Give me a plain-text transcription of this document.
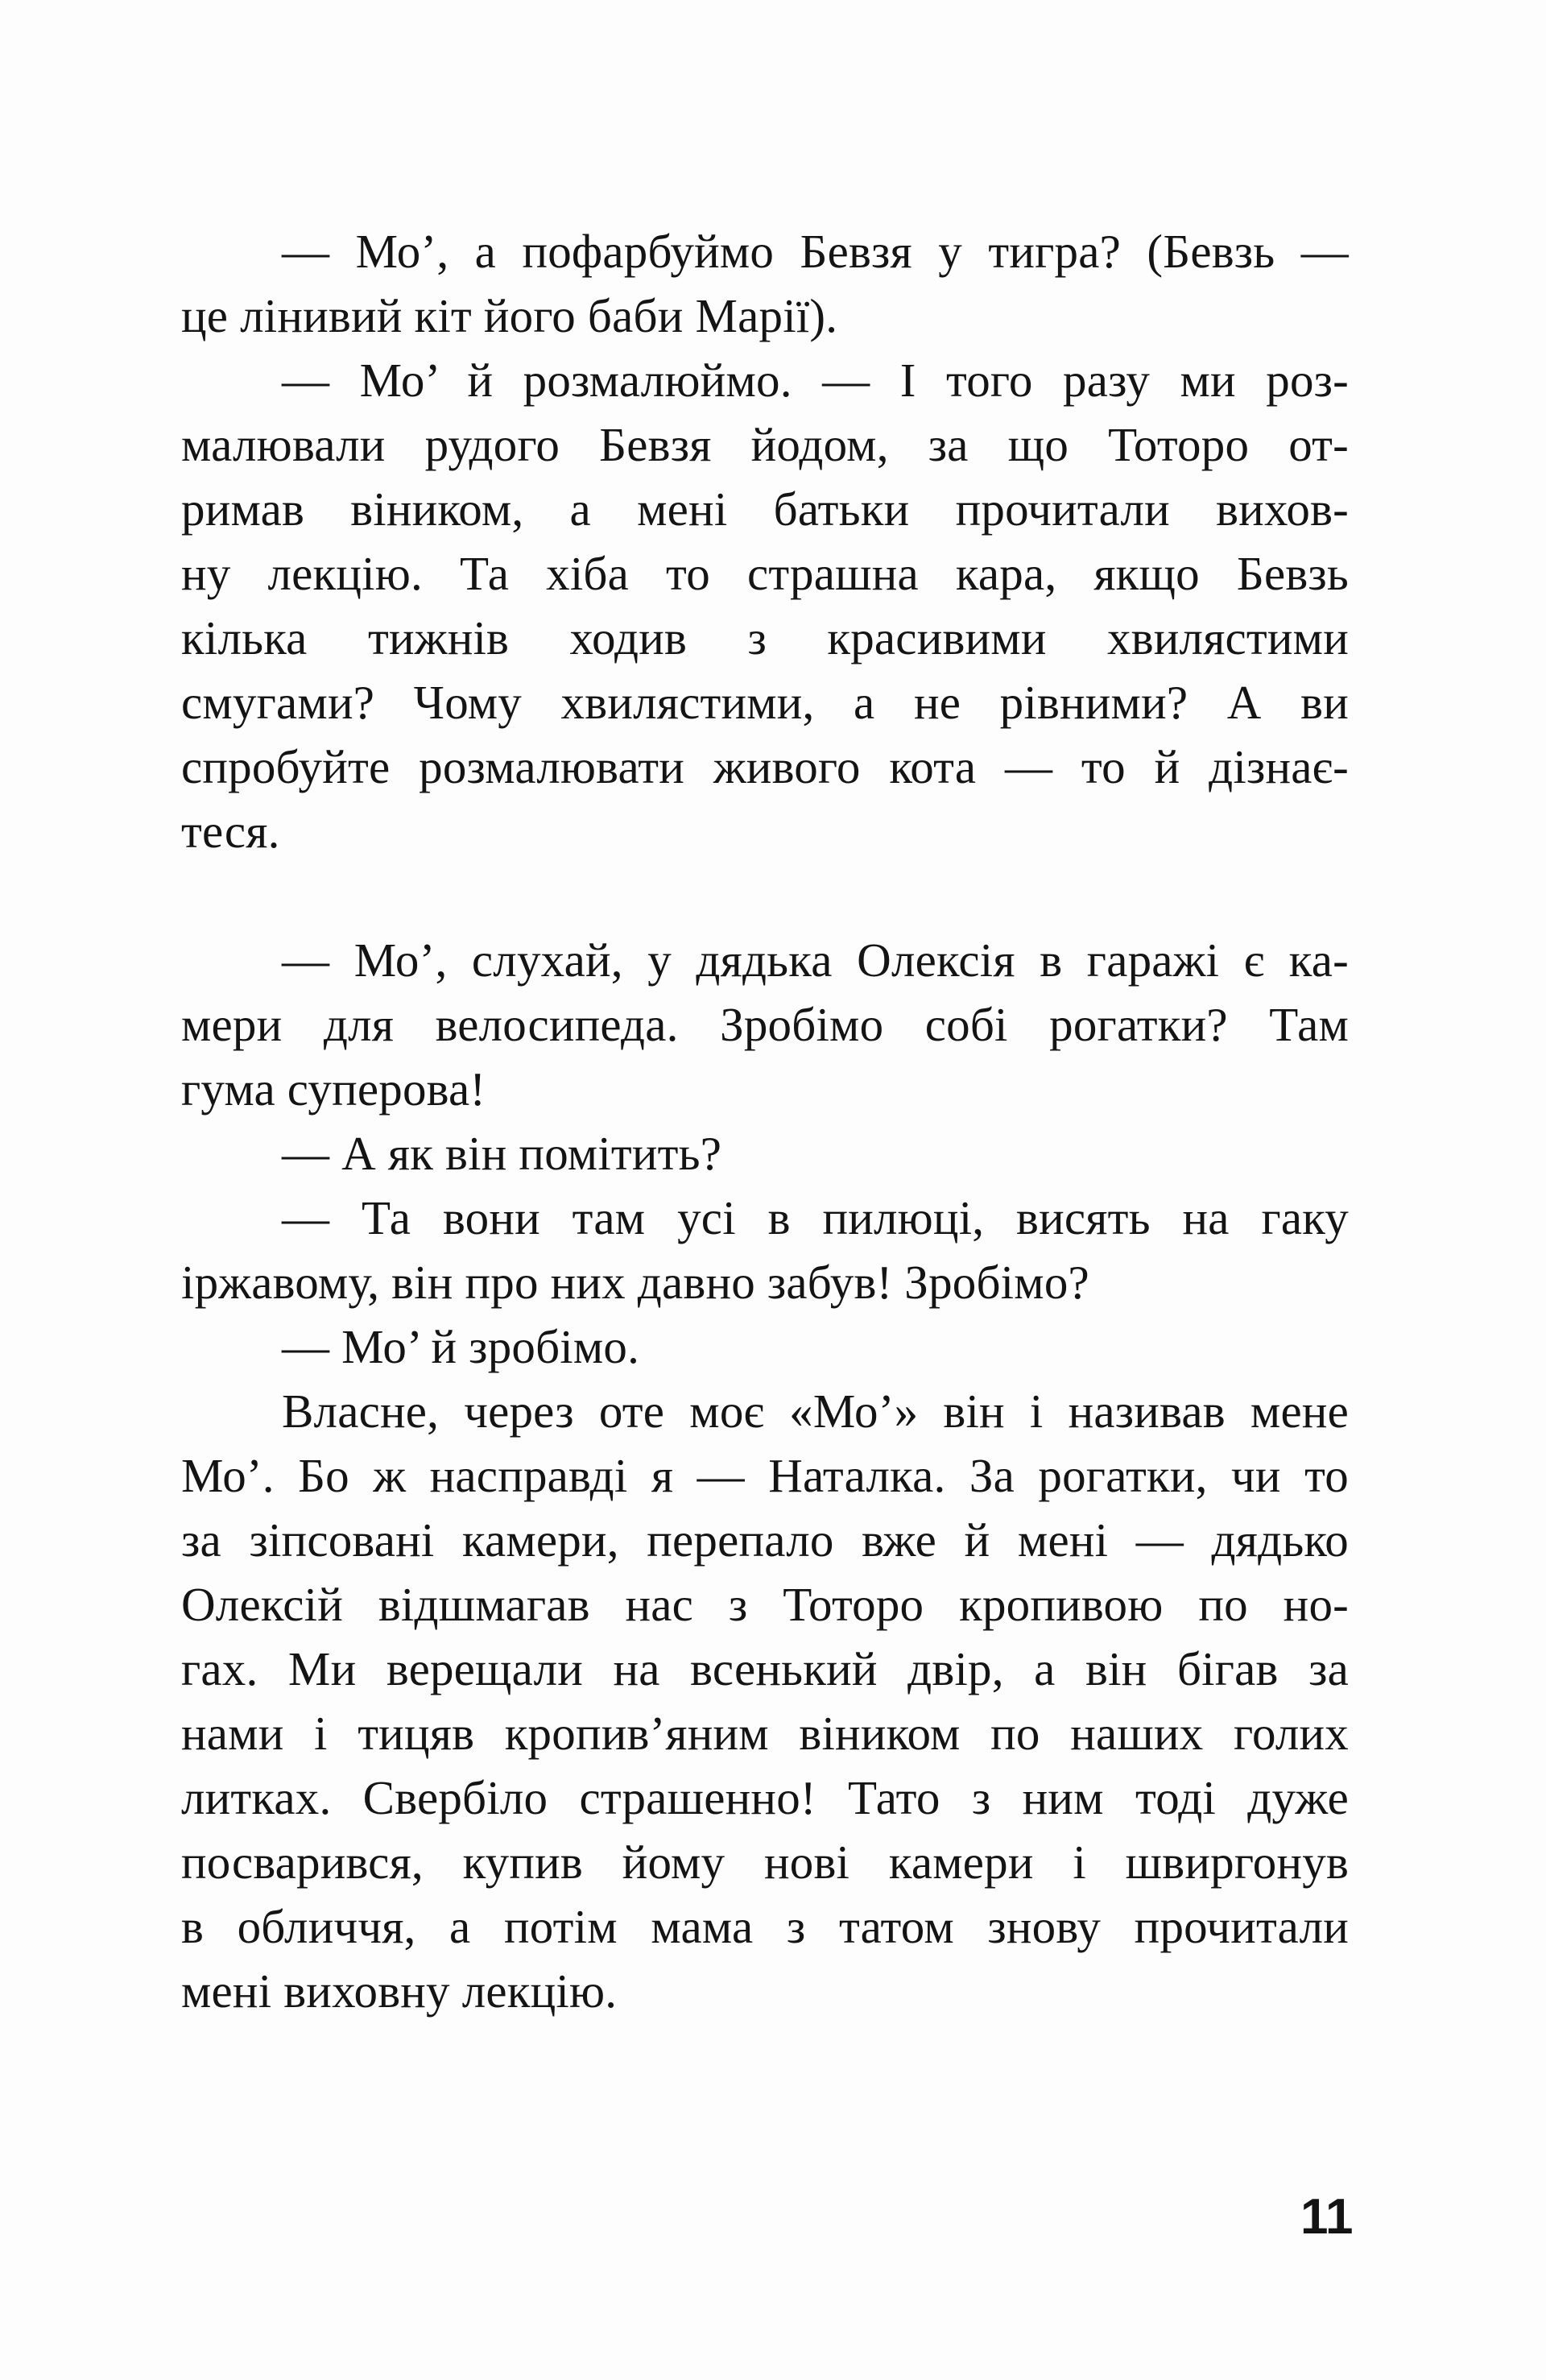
— Мо’, а пофарбуймо Бевзя у тигра? (Бевзь —
це лінивий кіт його баби Марії).
— Мо’ й розмалюймо. — І того разу ми роз-
малювали рудого Бевзя йодом, за що Тоторо от-
римав віником, а мені батьки прочитали вихов-
ну лекцію. Та хіба то страшна кара, якщо Бевзь
кілька тижнів ходив з красивими хвилястими
смугами? Чому хвилястими, а не рівними? А ви
спробуйте розмалювати живого кота — то й дізнає-
теся.
— Мо’, слухай, у дядька Олексія в гаражі є ка-
мери для велосипеда. Зробімо собі рогатки? Там
гума суперова!
— А як він помітить?
— Та вони там усі в пилюці, висять на гаку
іржавому, він про них давно забув! Зробімо?
— Мо’ й зробімо.
Власне, через оте моє «Мо’» він і називав мене
Мо’. Бо ж насправді я — Наталка. За рогатки, чи то
за зіпсовані камери, перепало вже й мені — дядько
Олексій відшмагав нас з Тоторо кропивою по но-
гах. Ми верещали на всенький двір, а він бігав за
нами і тицяв кропив’яним віником по наших голих
литках. Свербіло страшенно! Тато з ним тоді дуже
посварився, купив йому нові камери і швиргонув
в обличчя, а потім мама з татом знову прочитали
мені виховну лекцію.
11
